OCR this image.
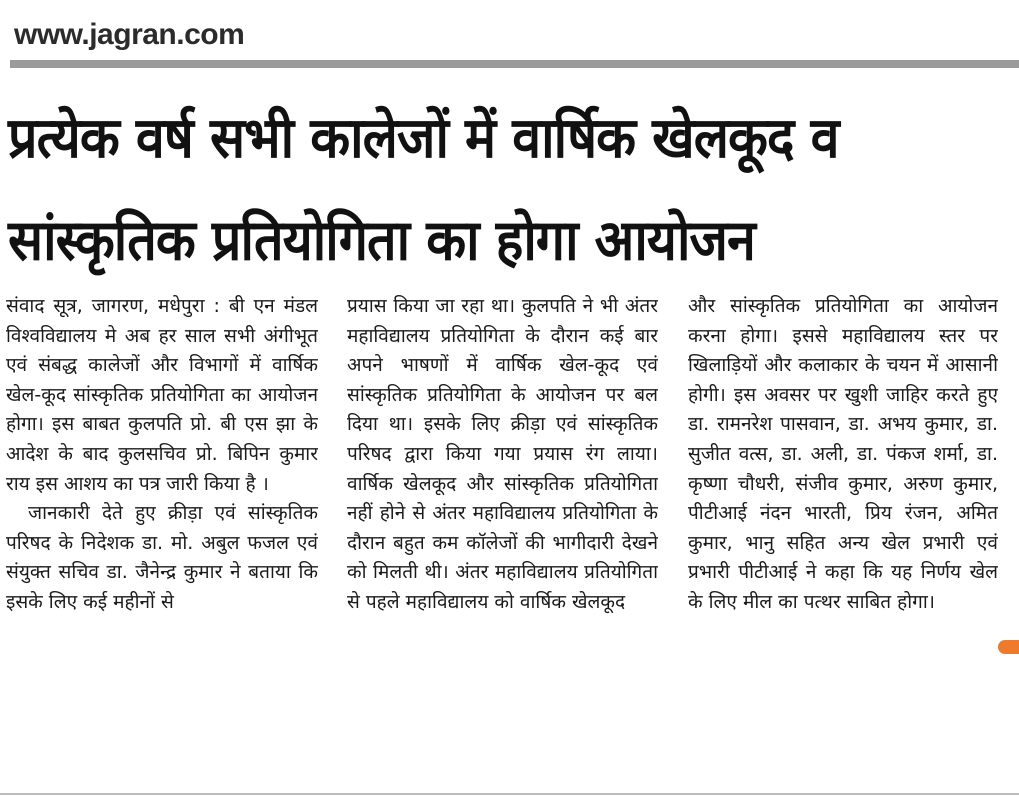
www.jagran.com
प्रत्येक वर्ष सभी कालेजों में वार्षिक खेलकूद व
सांस्कृतिक प्रतियोगिता का होगा आयोजन

संवाद सूत्र, जागरण, मधेपुरा : बी एन मंडल विश्वविद्यालय मे अब हर साल सभी अंगीभूत एवं संबद्ध कालेजों और विभागों में वार्षिक खेल-कूद सांस्कृतिक प्रतियोगिता का आयोजन होगा। इस बाबत कुलपति प्रो. बी एस झा के आदेश के बाद कुलसचिव प्रो. बिपिन कुमार राय इस आशय का पत्र जारी किया है ।

जानकारी देते हुए क्रीड़ा एवं सांस्कृतिक परिषद के निदेशक डा. मो. अबुल फजल एवं संयुक्त सचिव डा. जैनेन्द्र कुमार ने बताया कि इसके लिए कई महीनों से

प्रयास किया जा रहा था। कुलपति ने भी अंतर महाविद्यालय प्रतियोगिता के दौरान कई बार अपने भाषणों में वार्षिक खेल-कूद एवं सांस्कृतिक प्रतियोगिता के आयोजन पर बल दिया था। इसके लिए क्रीड़ा एवं सांस्कृतिक परिषद द्वारा किया गया प्रयास रंग लाया। वार्षिक खेलकूद और सांस्कृतिक प्रतियोगिता नहीं होने से अंतर महाविद्यालय प्रतियोगिता के दौरान बहुत कम कॉलेजों की भागीदारी देखने को मिलती थी। अंतर महाविद्यालय प्रतियोगिता से पहले महाविद्यालय को वार्षिक खेलकूद

और सांस्कृतिक प्रतियोगिता का आयोजन करना होगा। इससे महाविद्यालय स्तर पर खिलाड़ियों और कलाकार के चयन में आसानी होगी। इस अवसर पर खुशी जाहिर करते हुए डा. रामनरेश पासवान, डा. अभय कुमार, डा. सुजीत वत्स, डा. अली, डा. पंकज शर्मा, डा. कृष्णा चौधरी, संजीव कुमार, अरुण कुमार, पीटीआई नंदन भारती, प्रिय रंजन, अमित कुमार, भानु सहित अन्य खेल प्रभारी एवं प्रभारी पीटीआई ने कहा कि यह निर्णय खेल के लिए मील का पत्थर साबित होगा।
